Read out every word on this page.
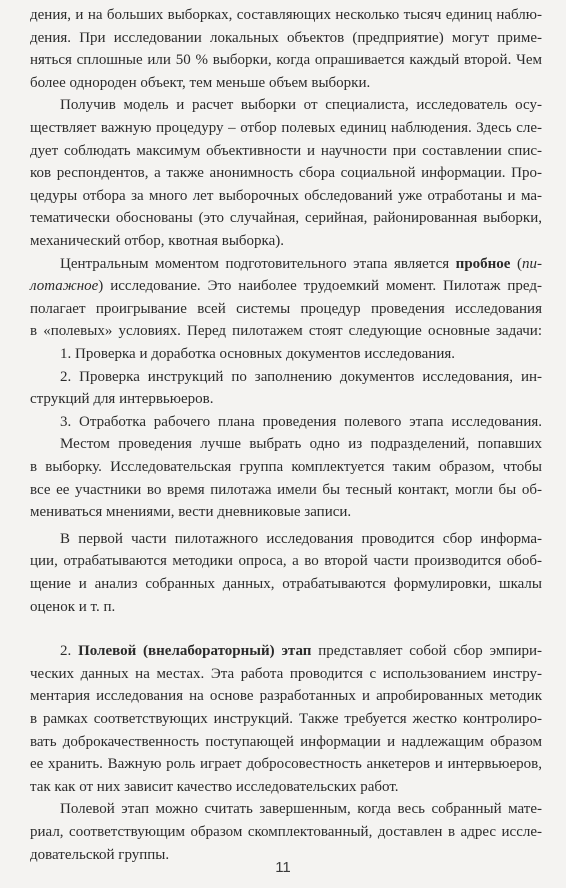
дения, и на больших выборках, составляющих несколько тысяч единиц наблю-
дения. При исследовании локальных объектов (предприятие) могут приме-
няться сплошные или 50 % выборки, когда опрашивается каждый второй. Чем
более однороден объект, тем меньше объем выборки.
Получив модель и расчет выборки от специалиста, исследователь осу-
ществляет важную процедуру – отбор полевых единиц наблюдения. Здесь сле-
дует соблюдать максимум объективности и научности при составлении спис-
ков респондентов, а также анонимность сбора социальной информации. Про-
цедуры отбора за много лет выборочных обследований уже отработаны и ма-
тематически обоснованы (это случайная, серийная, районированная выборки,
механический отбор, квотная выборка).
Центральным моментом подготовительного этапа является пробное (пи-
лотажное) исследование. Это наиболее трудоемкий момент. Пилотаж пред-
полагает проигрывание всей системы процедур проведения исследования
в «полевых» условиях. Перед пилотажем стоят следующие основные задачи:
1. Проверка и доработка основных документов исследования.
2. Проверка инструкций по заполнению документов исследования, ин-
струкций для интервьюеров.
3. Отработка рабочего плана проведения полевого этапа исследования.
Местом проведения лучше выбрать одно из подразделений, попавших
в выборку. Исследовательская группа комплектуется таким образом, чтобы
все ее участники во время пилотажа имели бы тесный контакт, могли бы об-
мениваться мнениями, вести дневниковые записи.
В первой части пилотажного исследования проводится сбор информа-
ции, отрабатываются методики опроса, а во второй части производится обоб-
щение и анализ собранных данных, отрабатываются формулировки, шкалы
оценок и т. п.
2. Полевой (внелабораторный) этап представляет собой сбор эмпири-
ческих данных на местах. Эта работа проводится с использованием инстру-
ментария исследования на основе разработанных и апробированных методик
в рамках соответствующих инструкций. Также требуется жестко контролиро-
вать доброкачественность поступающей информации и надлежащим образом
ее хранить. Важную роль играет добросовестность анкетеров и интервьюеров,
так как от них зависит качество исследовательских работ.
Полевой этап можно считать завершенным, когда весь собранный мате-
риал, соответствующим образом скомплектованный, доставлен в адрес иссле-
довательской группы.
11
